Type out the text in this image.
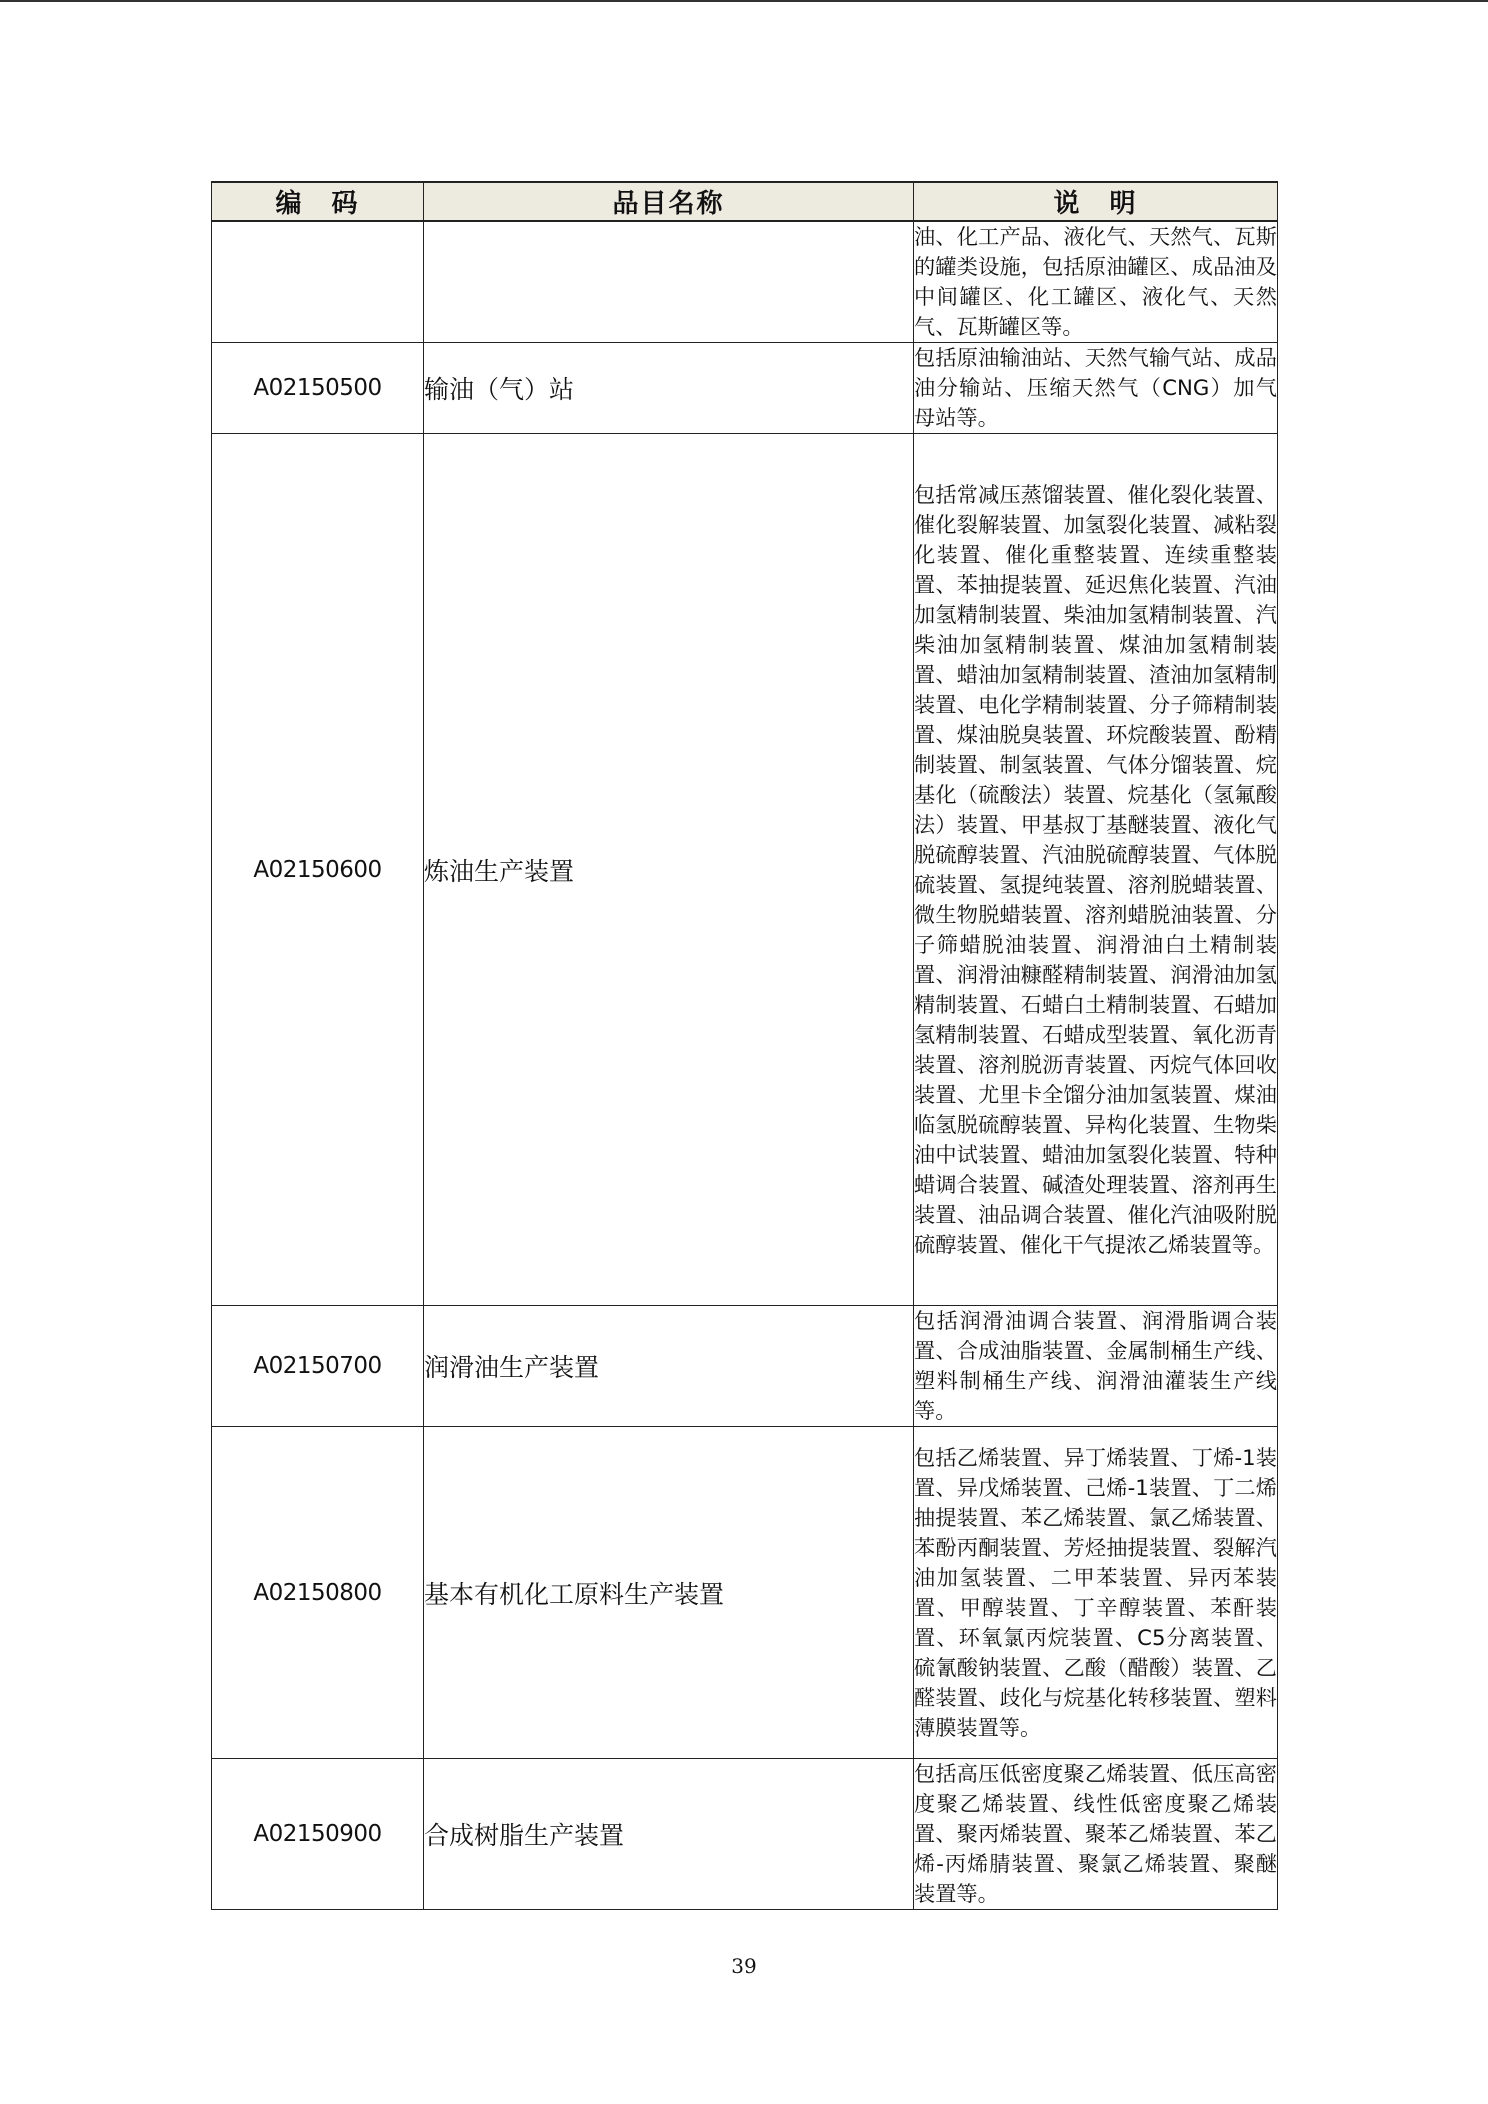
编　码	品目名称	说　明
		油、化工产品、液化气、天然气、瓦斯的罐类设施，包括原油罐区、成品油及中间罐区、化工罐区、液化气、天然气、瓦斯罐区等。
A02150500	输油（气）站	包括原油输油站、天然气输气站、成品油分输站、压缩天然气（CNG）加气母站等。
A02150600	炼油生产装置	包括常减压蒸馏装置、催化裂化装置、催化裂解装置、加氢裂化装置、减粘裂化装置、催化重整装置、连续重整装置、苯抽提装置、延迟焦化装置、汽油加氢精制装置、柴油加氢精制装置、汽柴油加氢精制装置、煤油加氢精制装置、蜡油加氢精制装置、渣油加氢精制装置、电化学精制装置、分子筛精制装置、煤油脱臭装置、环烷酸装置、酚精制装置、制氢装置、气体分馏装置、烷基化（硫酸法）装置、烷基化（氢氟酸法）装置、甲基叔丁基醚装置、液化气脱硫醇装置、汽油脱硫醇装置、气体脱硫装置、氢提纯装置、溶剂脱蜡装置、微生物脱蜡装置、溶剂蜡脱油装置、分子筛蜡脱油装置、润滑油白土精制装置、润滑油糠醛精制装置、润滑油加氢精制装置、石蜡白土精制装置、石蜡加氢精制装置、石蜡成型装置、氧化沥青装置、溶剂脱沥青装置、丙烷气体回收装置、尤里卡全馏分油加氢装置、煤油临氢脱硫醇装置、异构化装置、生物柴油中试装置、蜡油加氢裂化装置、特种蜡调合装置、碱渣处理装置、溶剂再生装置、油品调合装置、催化汽油吸附脱硫醇装置、催化干气提浓乙烯装置等。
A02150700	润滑油生产装置	包括润滑油调合装置、润滑脂调合装置、合成油脂装置、金属制桶生产线、塑料制桶生产线、润滑油灌装生产线等。
A02150800	基本有机化工原料生产装置	包括乙烯装置、异丁烯装置、丁烯-1装置、异戊烯装置、己烯-1装置、丁二烯抽提装置、苯乙烯装置、氯乙烯装置、苯酚丙酮装置、芳烃抽提装置、裂解汽油加氢装置、二甲苯装置、异丙苯装置、甲醇装置、丁辛醇装置、苯酐装置、环氧氯丙烷装置、C5分离装置、硫氰酸钠装置、乙酸（醋酸）装置、乙醛装置、歧化与烷基化转移装置、塑料薄膜装置等。
A02150900	合成树脂生产装置	包括高压低密度聚乙烯装置、低压高密度聚乙烯装置、线性低密度聚乙烯装置、聚丙烯装置、聚苯乙烯装置、苯乙烯-丙烯腈装置、聚氯乙烯装置、聚醚装置等。
39
